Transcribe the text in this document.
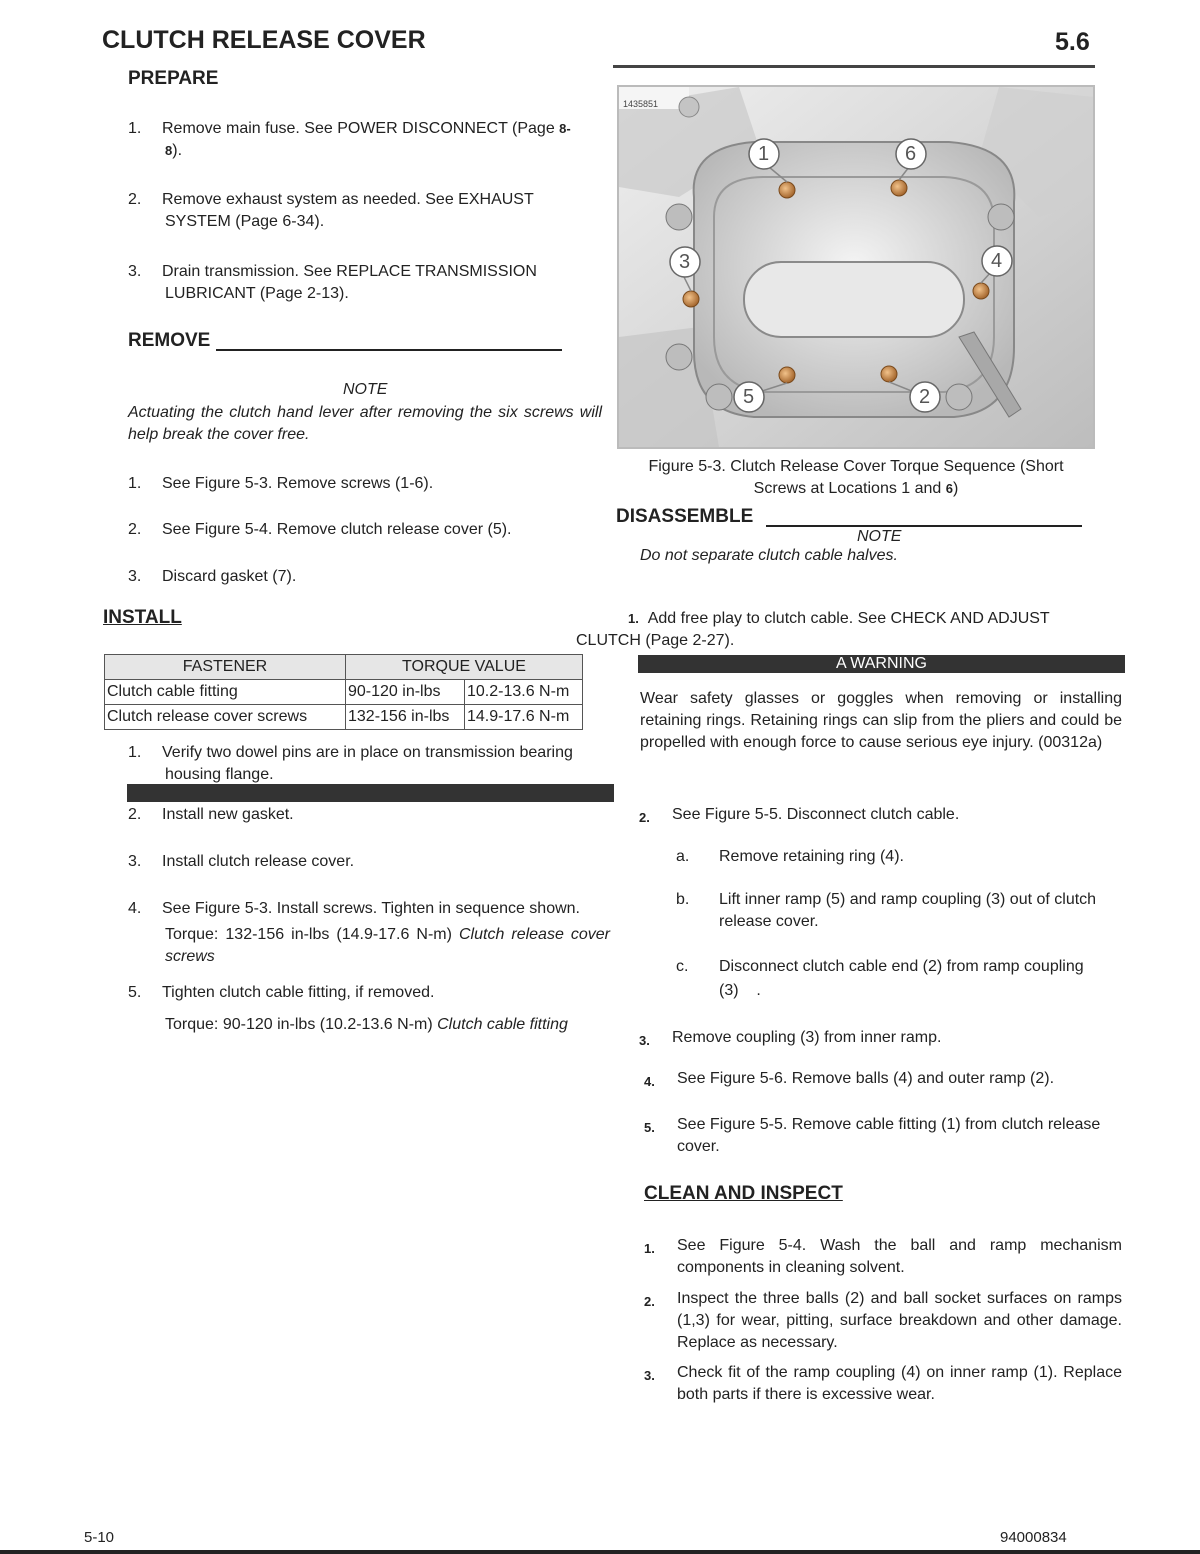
CLUTCH RELEASE COVER	5.6
PREPARE
1. Remove main fuse. See POWER DISCONNECT (Page 8-
8).
2. Remove exhaust system as needed. See EXHAUST
SYSTEM (Page 6-34).
3. Drain transmission. See REPLACE TRANSMISSION
LUBRICANT (Page 2-13).
REMOVE
NOTE
Actuating the clutch hand lever after removing the six screws will help break the cover free.
1. See Figure 5-3. Remove screws (1-6).
2. See Figure 5-4. Remove clutch release cover (5).
3. Discard gasket (7).
INSTALL
FASTENER	TORQUE VALUE	
Clutch cable fitting	90-120 in-lbs	10.2-13.6 N-m
Clutch release cover screws	132-156 in-lbs	14.9-17.6 N-m
1. Verify two dowel pins are in place on transmission bearing
housing flange.
2. Install new gasket.
3. Install clutch release cover.
4. See Figure 5-3. Install screws. Tighten in sequence shown.
Torque: 132-156 in-lbs (14.9-17.6 N-m) Clutch release cover screws
5. Tighten clutch cable fitting, if removed.
Torque: 90-120 in-lbs (10.2-13.6 N-m) Clutch cable fitting
1435851
1	6
3	4
5	2
Figure 5-3. Clutch Release Cover Torque Sequence (Short
Screws at Locations 1 and 6)
DISASSEMBLE
NOTE
Do not separate clutch cable halves.
1. Add free play to clutch cable. See CHECK AND ADJUST
CLUTCH (Page 2-27).
A WARNING
Wear safety glasses or goggles when removing or installing retaining rings. Retaining rings can slip from the pliers and could be propelled with enough force to cause serious eye injury. (00312a)
2. See Figure 5-5. Disconnect clutch cable.
a. Remove retaining ring (4).
b. Lift inner ramp (5) and ramp coupling (3) out of clutch
release cover.
c. Disconnect clutch cable end (2) from ramp coupling
(3)    .
3. Remove coupling (3) from inner ramp.
4. See Figure 5-6. Remove balls (4) and outer ramp (2).
5. See Figure 5-5. Remove cable fitting (1) from clutch release
cover.
CLEAN AND INSPECT
1. See Figure 5-4. Wash the ball and ramp mechanism components in cleaning solvent.
2. Inspect the three balls (2) and ball socket surfaces on ramps (1,3) for wear, pitting, surface breakdown and other damage. Replace as necessary.
3. Check fit of the ramp coupling (4) on inner ramp (1). Replace both parts if there is excessive wear.
5-10	94000834
